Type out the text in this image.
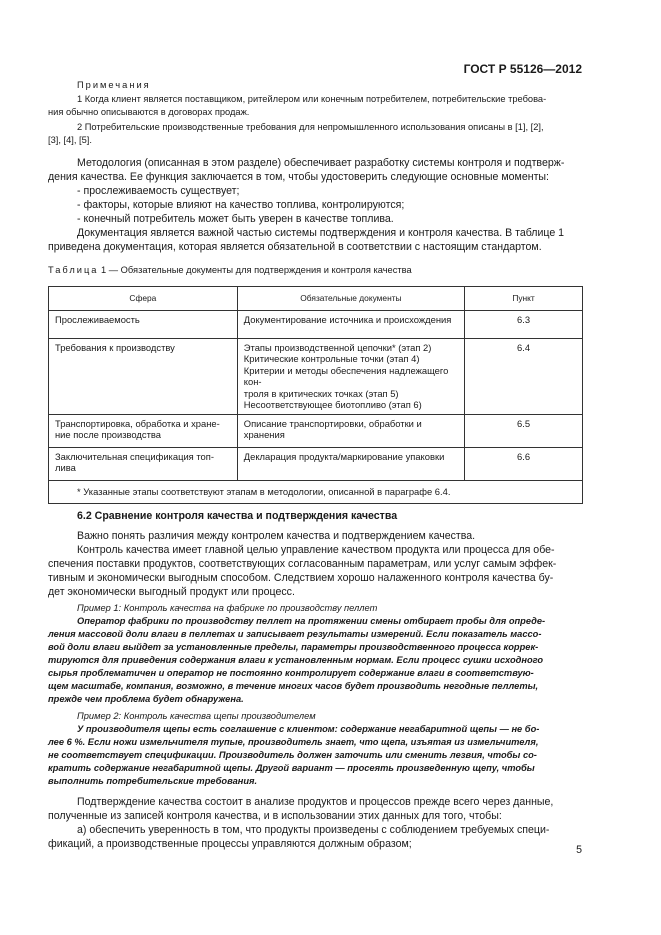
ГОСТ Р 55126—2012
Примечания
1 Когда клиент является поставщиком, ритейлером или конечным потребителем, потребительские требова-
ния обычно описываются в договорах продаж.
2 Потребительские производственные требования для непромышленного использования описаны в [1], [2],
[3], [4], [5].
Методология (описанная в этом разделе) обеспечивает разработку системы контроля и подтверж-
дения качества. Ее функция заключается в том, чтобы удостоверить следующие основные моменты:
- прослеживаемость существует;
- факторы, которые влияют на качество топлива, контролируются;
- конечный потребитель может быть уверен в качестве топлива.
Документация является важной частью системы подтверждения и контроля качества. В таблице 1
приведена документация, которая является обязательной в соответствии с настоящим стандартом.
Таблица 1 — Обязательные документы для подтверждения и контроля качества
Сфера	Обязательные документы	Пункт

Прослеживаемость	Документирование источника и происхождения	6.3

Требования к производству	Этапы производственной цепочки* (этап 2)
Критические контрольные точки (этап 4)
Критерии и методы обеспечения надлежащего кон-
троля в критических точках (этап 5)
Несоответствующее биотопливо (этап 6)	6.4

Транспортировка, обработка и хране-
ние после производства	Описание транспортировки, обработки и хранения	6.5

Заключительная спецификация топ-
лива	Декларация продукта/маркирование упаковки	6.6
* Указанные этапы соответствуют этапам в методологии, описанной в параграфе 6.4.		
6.2 Сравнение контроля качества и подтверждения качества
Важно понять различия между контролем качества и подтверждением качества.
Контроль качества имеет главной целью управление качеством продукта или процесса для обе-
спечения поставки продуктов, соответствующих согласованным параметрам, или услуг самым эффек-
тивным и экономически выгодным способом. Следствием хорошо налаженного контроля качества бу-
дет экономически выгодный продукт или процесс.
Пример 1: Контроль качества на фабрике по производству пеллет
Оператор фабрики по производству пеллет на протяжении смены отбирает пробы для опреде-
ления массовой доли влаги в пеллетах и записывает результаты измерений. Если показатель массо-
вой доли влаги выйдет за установленные пределы, параметры производственного процесса коррек-
тируются для приведения содержания влаги к установленным нормам. Если процесс сушки исходного
сырья проблематичен и оператор не постоянно контролирует содержание влаги в соответствую-
щем масштабе, компания, возможно, в течение многих часов будет производить негодные пеллеты,
прежде чем проблема будет обнаружена.
Пример 2: Контроль качества щепы производителем
У производителя щепы есть соглашение с клиентом: содержание негабаритной щепы — не бо-
лее 6 %. Если ножи измельчителя тупые, производитель знает, что щепа, изъятая из измельчителя,
не соответствует спецификации. Производитель должен заточить или сменить лезвия, чтобы со-
кратить содержание негабаритной щепы. Другой вариант — просеять произведенную щепу, чтобы
выполнить потребительские требования.
Подтверждение качества состоит в анализе продуктов и процессов прежде всего через данные,
полученные из записей контроля качества, и в использовании этих данных для того, чтобы:
а) обеспечить уверенность в том, что продукты произведены с соблюдением требуемых специ-
фикаций, а производственные процессы управляются должным образом;	5
